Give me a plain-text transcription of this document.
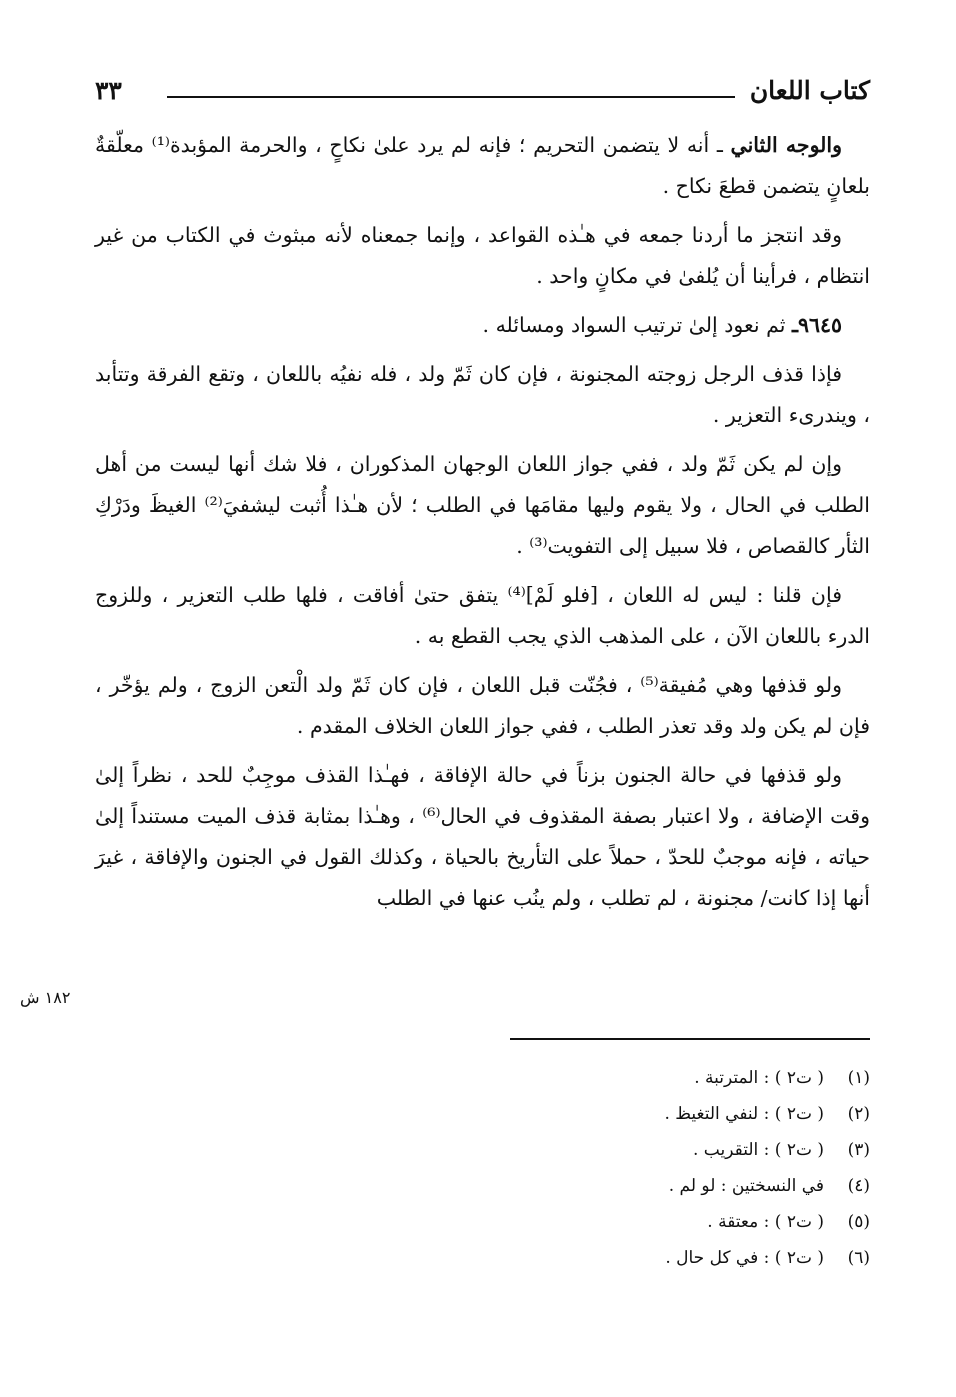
كتاب اللعان
٣٣

والوجه الثاني ـ أنه لا يتضمن التحريم ؛ فإنه لم يرد علىٰ نكاحٍ ، والحرمة المؤبدة⁽¹⁾ معلّقةٌ بلعانٍ يتضمن قطعَ نكاح .

وقد انتجز ما أردنا جمعه في هـٰذه القواعد ، وإنما جمعناه لأنه مبثوث في الكتاب من غير انتظام ، فرأينا أن يُلفىٰ في مكانٍ واحد .

٩٦٤٥ـ ثم نعود إلىٰ ترتيب السواد ومسائله .

فإذا قذف الرجل زوجته المجنونة ، فإن كان ثَمّ ولد ، فله نفيُه باللعان ، وتقع الفرقة وتتأبد ، ويندرىء التعزير .

وإن لم يكن ثَمّ ولد ، ففي جواز اللعان الوجهان المذكوران ، فلا شك أنها ليست من أهل الطلب في الحال ، ولا يقوم وليها مقامَها في الطلب ؛ لأن هـٰذا أُثبت ليشفيَ⁽²⁾ الغيظَ ودَرْكِ الثأر كالقصاص ، فلا سبيل إلى التفويت⁽³⁾ .

فإن قلنا : ليس له اللعان ، [فلو لَمْ]⁽⁴⁾ يتفق حتىٰ أفاقت ، فلها طلب التعزير ، وللزوج الدرء باللعان الآن ، على المذهب الذي يجب القطع به .

ولو قذفها وهي مُفيقة⁽⁵⁾ ، فجُنّت قبل اللعان ، فإن كان ثَمّ ولد الْتعن الزوج ، ولم يؤخّر ، فإن لم يكن ولد وقد تعذر الطلب ، ففي جواز اللعان الخلاف المقدم .

ولو قذفها في حالة الجنون بزناً في حالة الإفاقة ، فهـٰذا القذف موجِبٌ للحد ، نظراً إلىٰ وقت الإضافة ، ولا اعتبار بصفة المقذوف في الحال⁽⁶⁾ ، وهـٰذا بمثابة قذف الميت مستنداً إلىٰ حياته ، فإنه موجبٌ للحدّ ، حملاً على التأريخ بالحياة ، وكذلك القول في الجنون والإفاقة ، غيرَ أنها إذا كانت/ مجنونة ، لم تطلب ، ولم ينُب عنها في الطلب

١٨٢ ش
(١)( ت٢ ) : المترتبة .
(٢)( ت٢ ) : لنفي التغيظ .
(٣)( ت٢ ) : التقريب .
(٤)في النسختين : لو لم .
(٥)( ت٢ ) : معتقة .
(٦)( ت٢ ) : في كل حال .
